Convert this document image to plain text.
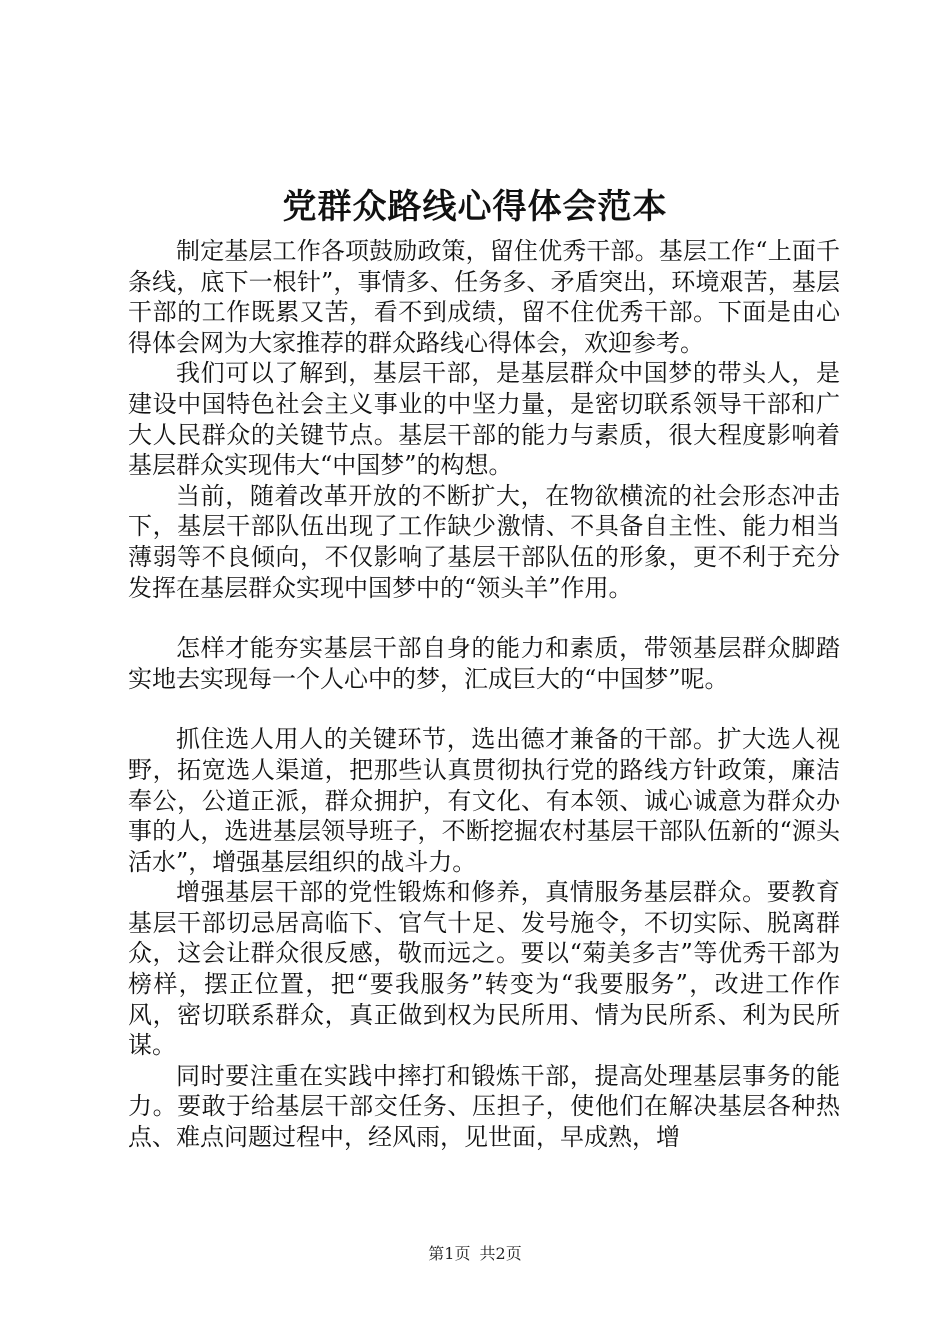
党群众路线心得体会范本

制定基层工作各项鼓励政策，留住优秀干部。基层工作“上面千条线，底下一根针”，事情多、任务多、矛盾突出，环境艰苦，基层干部的工作既累又苦，看不到成绩，留不住优秀干部。下面是由心得体会网为大家推荐的群众路线心得体会，欢迎参考。

我们可以了解到，基层干部，是基层群众中国梦的带头人，是建设中国特色社会主义事业的中坚力量，是密切联系领导干部和广大人民群众的关键节点。基层干部的能力与素质，很大程度影响着基层群众实现伟大“中国梦”的构想。

当前，随着改革开放的不断扩大，在物欲横流的社会形态冲击下，基层干部队伍出现了工作缺少激情、不具备自主性、能力相当薄弱等不良倾向，不仅影响了基层干部队伍的形象，更不利于充分发挥在基层群众实现中国梦中的“领头羊”作用。

怎样才能夯实基层干部自身的能力和素质，带领基层群众脚踏实地去实现每一个人心中的梦，汇成巨大的“中国梦”呢。

抓住选人用人的关键环节，选出德才兼备的干部。扩大选人视野，拓宽选人渠道，把那些认真贯彻执行党的路线方针政策，廉洁奉公，公道正派，群众拥护，有文化、有本领、诚心诚意为群众办事的人，选进基层领导班子，不断挖掘农村基层干部队伍新的“源头活水”，增强基层组织的战斗力。

增强基层干部的党性锻炼和修养，真情服务基层群众。要教育基层干部切忌居高临下、官气十足、发号施令，不切实际、脱离群众，这会让群众很反感，敬而远之。要以“菊美多吉”等优秀干部为榜样，摆正位置，把“要我服务”转变为“我要服务”，改进工作作风，密切联系群众，真正做到权为民所用、情为民所系、利为民所谋。

同时要注重在实践中摔打和锻炼干部，提高处理基层事务的能力。要敢于给基层干部交任务、压担子，使他们在解决基层各种热点、难点问题过程中，经风雨，见世面，早成熟，增

第1页 共2页
